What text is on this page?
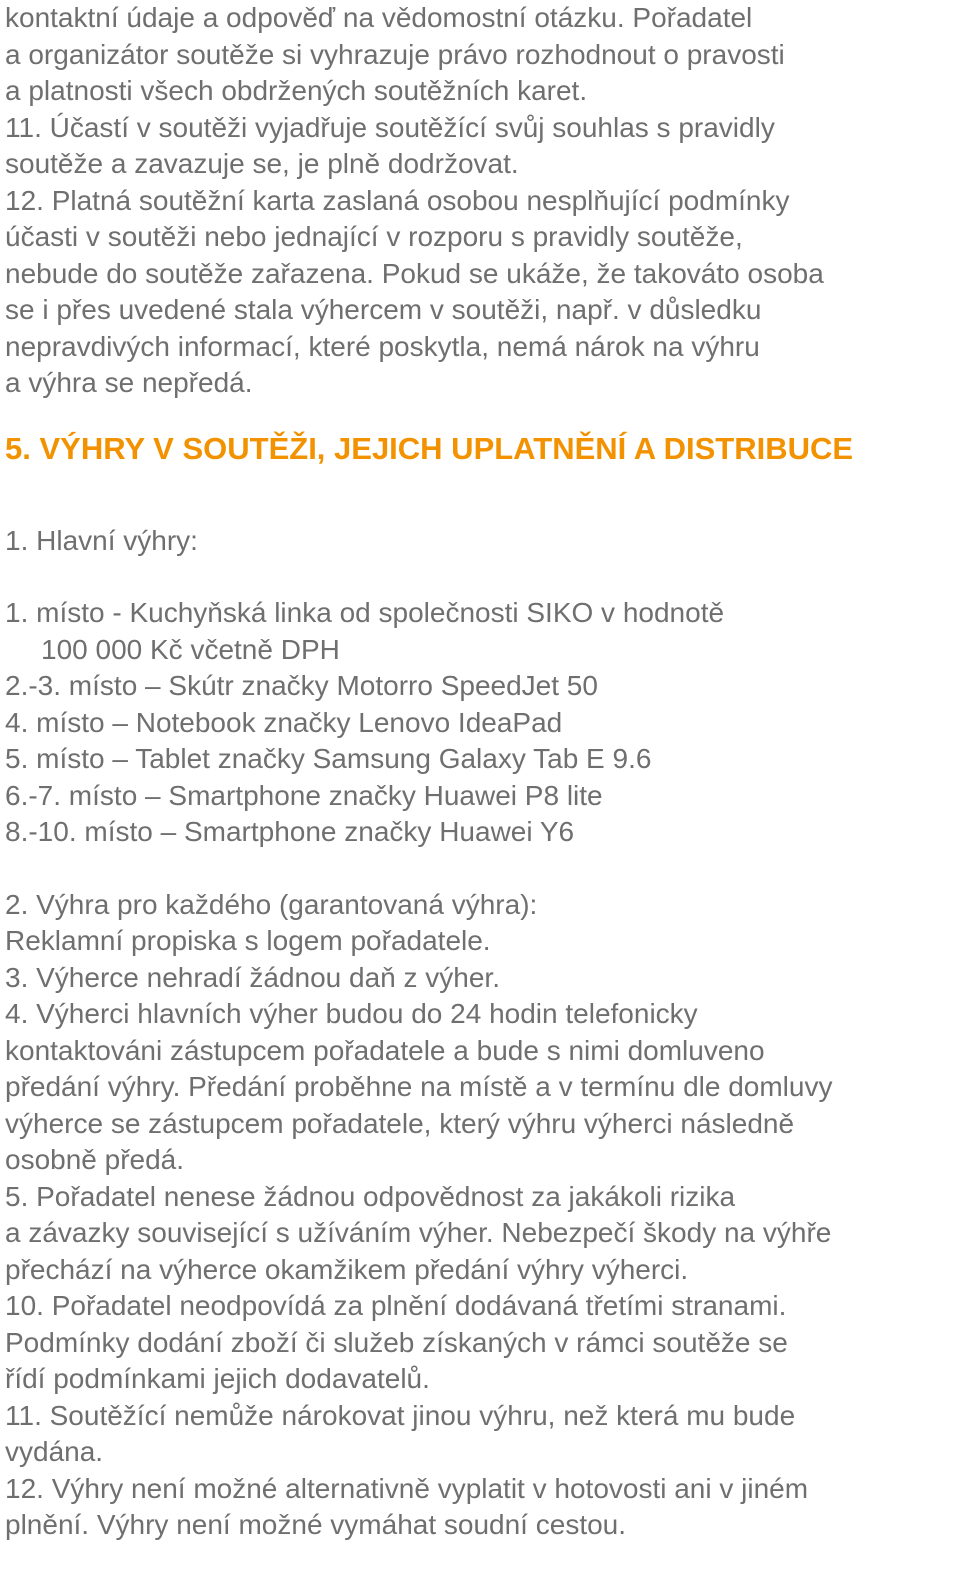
kontaktní údaje a odpověď na vědomostní otázku. Pořadatel

a organizátor soutěže si vyhrazuje právo rozhodnout o pravosti

a platnosti všech obdržených soutěžních karet.

11. Účastí v soutěži vyjadřuje soutěžící svůj souhlas s pravidly

soutěže a zavazuje se, je plně dodržovat.

12. Platná soutěžní karta zaslaná osobou nesplňující podmínky

účasti v soutěži nebo jednající v rozporu s pravidly soutěže,

nebude do soutěže zařazena. Pokud se ukáže, že takováto osoba

se i přes uvedené stala výhercem v soutěži, např. v důsledku

nepravdivých informací, které poskytla, nemá nárok na výhru

a výhra se nepředá.

5. VÝHRY V SOUTĚŽI, JEJICH UPLATNĚNÍ A DISTRIBUCE

1. Hlavní výhry:

1. místo - Kuchyňská linka od společnosti SIKO v hodnotě

100 000 Kč včetně DPH

2.-3. místo – Skútr značky Motorro SpeedJet 50

4. místo – Notebook značky Lenovo IdeaPad

5. místo – Tablet značky Samsung Galaxy Tab E 9.6

6.-7. místo – Smartphone značky Huawei P8 lite

8.-10. místo – Smartphone značky Huawei Y6

2. Výhra pro každého (garantovaná výhra):

Reklamní propiska s logem pořadatele.

3. Výherce nehradí žádnou daň z výher.

4. Výherci hlavních výher budou do 24 hodin telefonicky

kontaktováni zástupcem pořadatele a bude s nimi domluveno

předání výhry. Předání proběhne na místě a v termínu dle domluvy

výherce se zástupcem pořadatele, který výhru výherci následně

osobně předá.

5. Pořadatel nenese žádnou odpovědnost za jakákoli rizika

a závazky související s užíváním výher. Nebezpečí škody na výhře

přechází na výherce okamžikem předání výhry výherci.

10. Pořadatel neodpovídá za plnění dodávaná třetími stranami.

Podmínky dodání zboží či služeb získaných v rámci soutěže se

řídí podmínkami jejich dodavatelů.

11. Soutěžící nemůže nárokovat jinou výhru, než která mu bude

vydána.

12. Výhry není možné alternativně vyplatit v hotovosti ani v jiném

plnění. Výhry není možné vymáhat soudní cestou.
